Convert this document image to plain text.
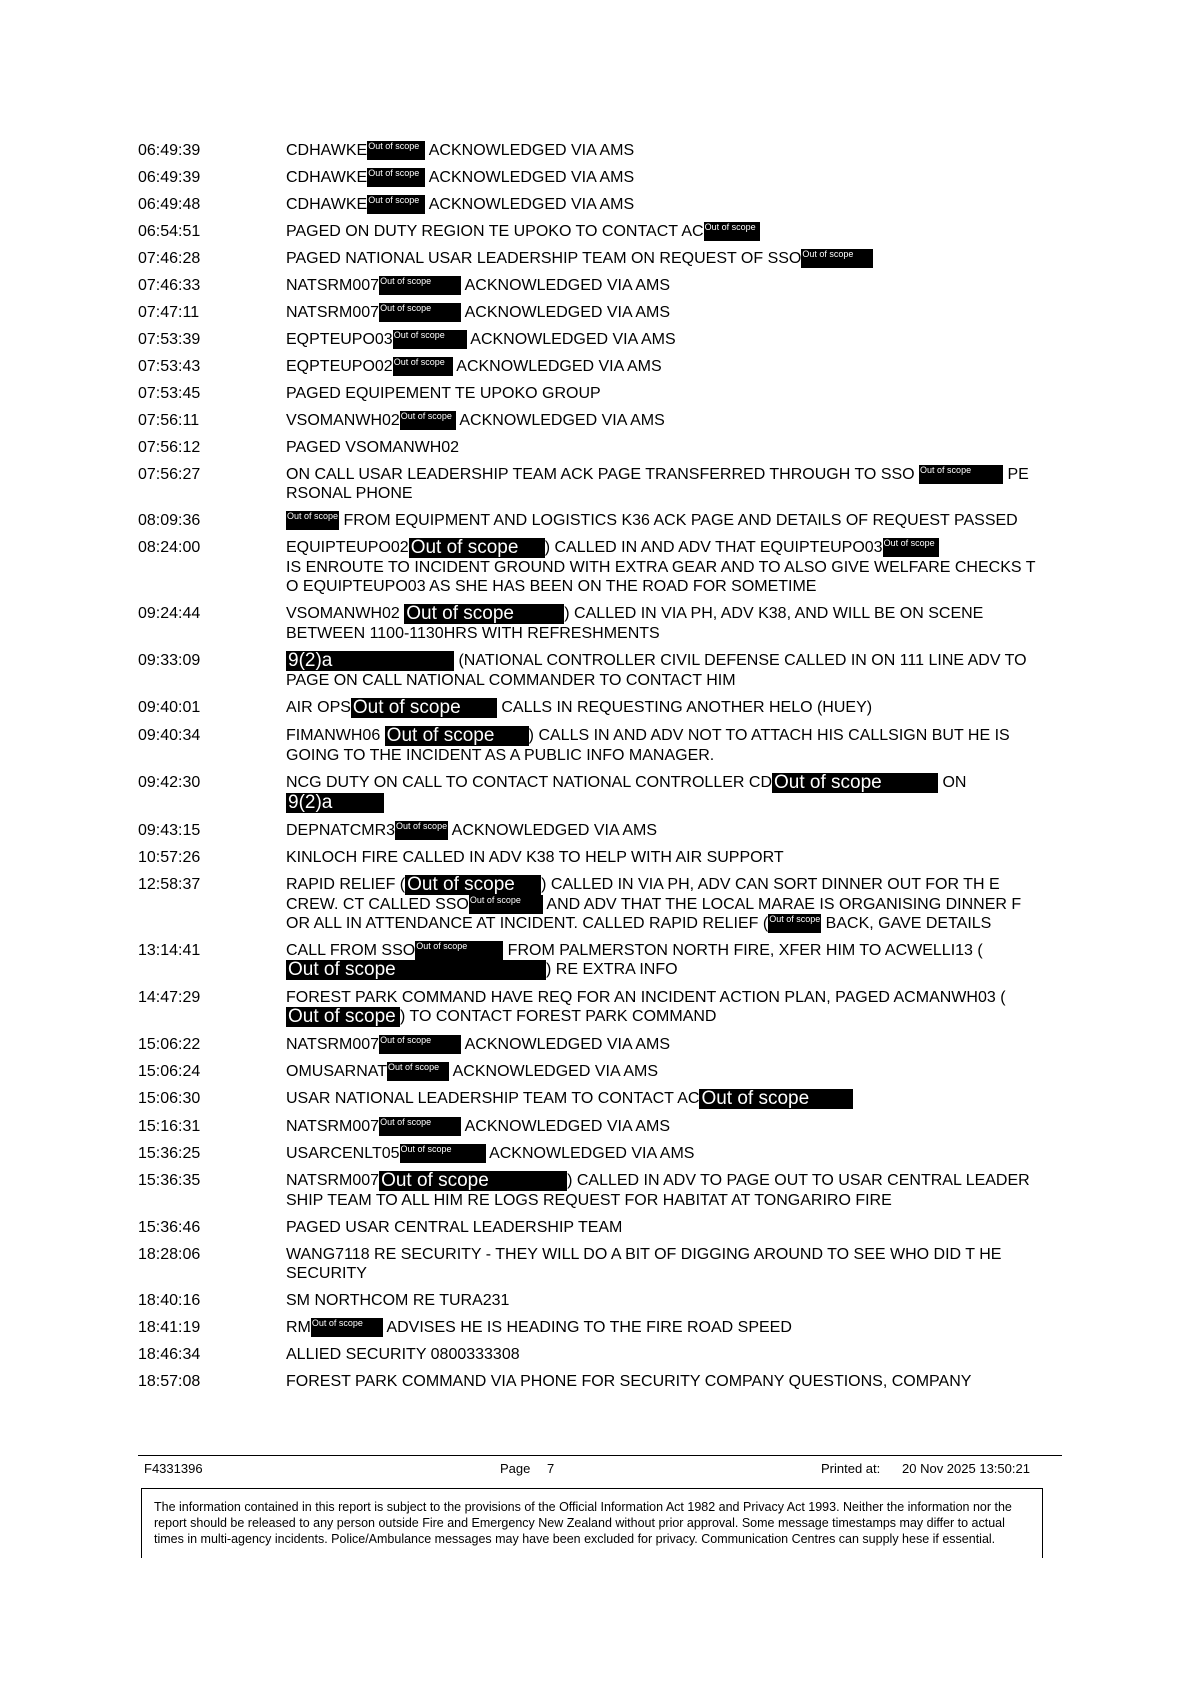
06:49:39	CDHAWKEOut of scope ACKNOWLEDGED VIA AMS
06:49:39	CDHAWKEOut of scope ACKNOWLEDGED VIA AMS
06:49:48	CDHAWKEOut of scope ACKNOWLEDGED VIA AMS
06:54:51	PAGED ON DUTY REGION TE UPOKO TO CONTACT ACOut of scope
07:46:28	PAGED NATIONAL USAR LEADERSHIP TEAM ON REQUEST OF SSOOut of scope
07:46:33	NATSRM007Out of scope ACKNOWLEDGED VIA AMS
07:47:11	NATSRM007Out of scope ACKNOWLEDGED VIA AMS
07:53:39	EQPTEUPO03Out of scope ACKNOWLEDGED VIA AMS
07:53:43	EQPTEUPO02Out of scope ACKNOWLEDGED VIA AMS
07:53:45	PAGED EQUIPEMENT TE UPOKO GROUP
07:56:11	VSOMANWH02Out of scope ACKNOWLEDGED VIA AMS
07:56:12	PAGED VSOMANWH02
07:56:27	ON CALL USAR LEADERSHIP TEAM ACK PAGE TRANSFERRED THROUGH TO SSO Out of scope PE RSONAL PHONE
08:09:36	Out of scope FROM EQUIPMENT AND LOGISTICS K36 ACK PAGE AND DETAILS OF REQUEST PASSED
08:24:00	EQUIPTEUPO02 Out of scope ) CALLED IN AND ADV THAT EQUIPTEUPO03Out of scope  IS ENROUTE TO INCIDENT GROUND WITH EXTRA GEAR AND TO ALSO GIVE WELFARE CHECKS T O EQUIPTEUPO03 AS SHE HAS BEEN ON THE ROAD FOR SOMETIME
09:24:44	VSOMANWH02 Out of scope	) CALLED IN VIA PH, ADV K38, AND WILL BE ON SCENE BETWEEN 1100-1130HRS WITH REFRESHMENTS
09:33:09	9(2)a	(NATIONAL CONTROLLER CIVIL DEFENSE CALLED IN ON 111 LINE ADV TO PAGE ON CALL NATIONAL COMMANDER TO CONTACT HIM
09:40:01	AIR OPS Out of scope CALLS IN REQUESTING ANOTHER HELO (HUEY)
09:40:34	FIMANWH06 Out of scope ) CALLS IN AND ADV NOT TO ATTACH HIS CALLSIGN BUT HE IS GOING TO THE INCIDENT AS A PUBLIC INFO MANAGER.
09:42:30	NCG DUTY ON CALL TO CONTACT NATIONAL CONTROLLER CD Out of scope	ON 9(2)a
09:43:15	DEPNATCMR3Out of scope ACKNOWLEDGED VIA AMS
10:57:26	KINLOCH FIRE CALLED IN ADV K38 TO HELP WITH AIR SUPPORT
12:58:37	RAPID RELIEF ( Out of scope ) CALLED IN VIA PH, ADV CAN SORT DINNER OUT FOR TH E CREW. CT CALLED SSOOut of scope AND ADV THAT THE LOCAL MARAE IS ORGANISING DINNER F OR ALL IN ATTENDANCE AT INCIDENT. CALLED RAPID RELIEF (Out of scope BACK, GAVE DETAILS
13:14:41	CALL FROM SSOOut of scope FROM PALMERSTON NORTH FIRE, XFER HIM TO ACWELLI13 (Out of scope	) RE EXTRA INFO
14:47:29	FOREST PARK COMMAND HAVE REQ FOR AN INCIDENT ACTION PLAN, PAGED ACMANWH03 (Out of scope ) TO CONTACT FOREST PARK COMMAND
15:06:22	NATSRM007Out of scope ACKNOWLEDGED VIA AMS
15:06:24	OMUSARNATOut of scope ACKNOWLEDGED VIA AMS
15:06:30	USAR NATIONAL LEADERSHIP TEAM TO CONTACT AC Out of scope
15:16:31	NATSRM007Out of scope ACKNOWLEDGED VIA AMS
15:36:25	USARCENLT05Out of scope ACKNOWLEDGED VIA AMS
15:36:35	NATSRM007 Out of scope	) CALLED IN ADV TO PAGE OUT TO USAR CENTRAL LEADER SHIP TEAM TO ALL HIM RE LOGS REQUEST FOR HABITAT AT TONGARIRO FIRE
15:36:46	PAGED USAR CENTRAL LEADERSHIP TEAM
18:28:06	WANG7118 RE SECURITY - THEY WILL DO A BIT OF DIGGING AROUND TO SEE WHO DID T HE SECURITY
18:40:16	SM NORTHCOM RE TURA231
18:41:19	RMOut of scope ADVISES HE IS HEADING TO THE FIRE ROAD SPEED
18:46:34	ALLIED SECURITY 0800333308
18:57:08	FOREST PARK COMMAND VIA PHONE FOR SECURITY COMPANY QUESTIONS, COMPANY
F4331396	Page 7	Printed at: 20 Nov 2025 13:50:21
The information contained in this report is subject to the provisions of the Official Information Act 1982 and Privacy Act 1993. Neither the information nor the report should be released to any person outside Fire and Emergency New Zealand without prior approval. Some message timestamps may differ to actual times in multi-agency incidents. Police/Ambulance messages may have been excluded for privacy. Communication Centres can supply hese if essential.
